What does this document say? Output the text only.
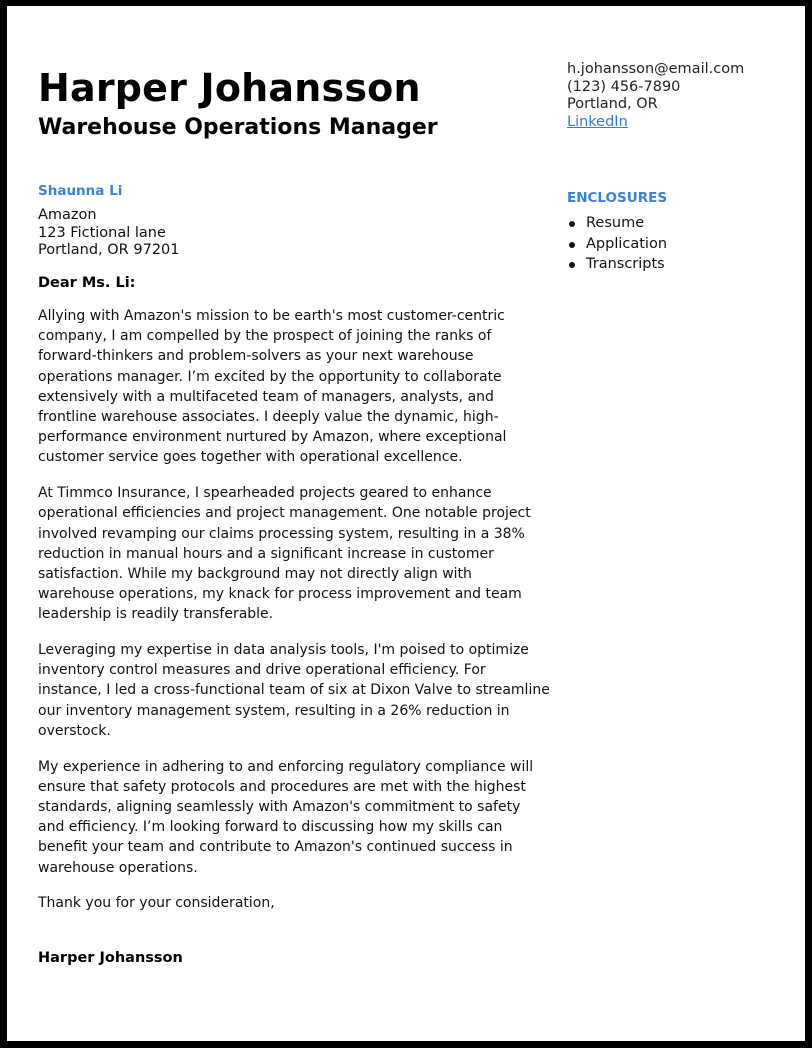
Harper Johansson
Warehouse Operations Manager
h.johansson@email.com
(123) 456-7890
Portland, OR
LinkedIn
Shaunna Li
Amazon
123 Fictional lane
Portland, OR 97201
ENCLOSURES
Resume
Application
Transcripts
Dear Ms. Li:

Allying with Amazon's mission to be earth's most customer-centric company, I am compelled by the prospect of joining the ranks of forward-thinkers and problem-solvers as your next warehouse operations manager. I’m excited by the opportunity to collaborate extensively with a multifaceted team of managers, analysts, and frontline warehouse associates. I deeply value the dynamic, high-performance environment nurtured by Amazon, where exceptional customer service goes together with operational excellence.

At Timmco Insurance, I spearheaded projects geared to enhance operational efficiencies and project management. One notable project involved revamping our claims processing system, resulting in a 38% reduction in manual hours and a significant increase in customer satisfaction. While my background may not directly align with warehouse operations, my knack for process improvement and team leadership is readily transferable.

Leveraging my expertise in data analysis tools, I'm poised to optimize inventory control measures and drive operational efficiency. For instance, I led a cross-functional team of six at Dixon Valve to streamline our inventory management system, resulting in a 26% reduction in overstock.

My experience in adhering to and enforcing regulatory compliance will ensure that safety protocols and procedures are met with the highest standards, aligning seamlessly with Amazon's commitment to safety and efficiency. I’m looking forward to discussing how my skills can benefit your team and contribute to Amazon's continued success in warehouse operations.

Thank you for your consideration,

Harper Johansson
